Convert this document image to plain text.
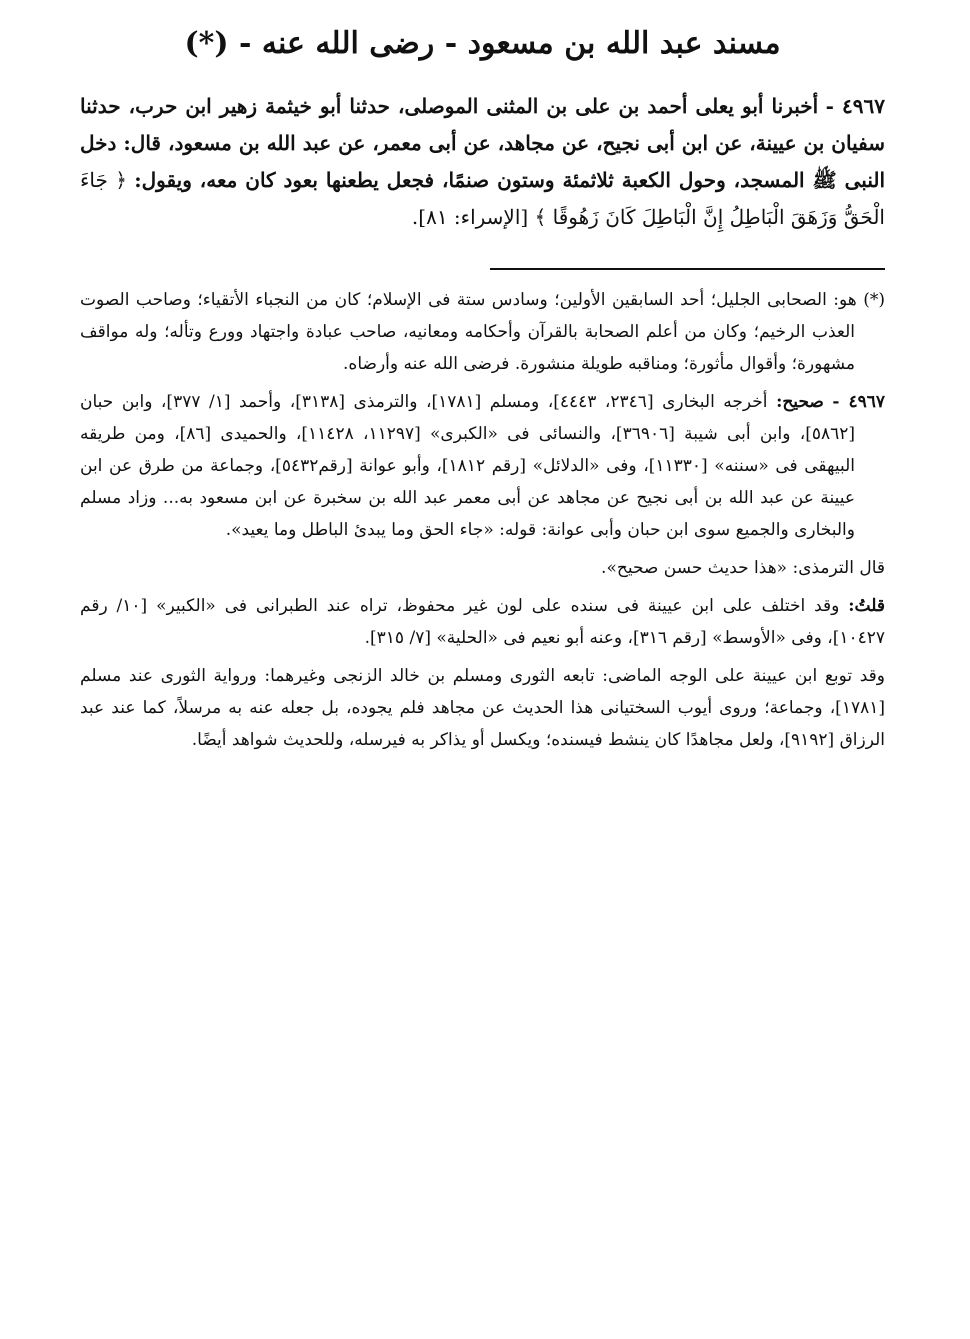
مسند عبد الله بن مسعود - رضى الله عنه - (*)

٤٩٦٧ - أخبرنا أبو يعلى أحمد بن على بن المثنى الموصلى، حدثنا أبو خيثمة زهير ابن حرب، حدثنا سفيان بن عيينة، عن ابن أبى نجيح، عن مجاهد، عن أبى معمر، عن عبد الله بن مسعود، قال: دخل النبى ﷺ المسجد، وحول الكعبة ثلاثمئة وستون صنمًا، فجعل يطعنها بعود كان معه، ويقول: ﴿ جَاءَ الْحَقُّ وَزَهَقَ الْبَاطِلُ إِنَّ الْبَاطِلَ كَانَ زَهُوقًا ﴾ [الإسراء: ٨١].

(*) هو: الصحابى الجليل؛ أحد السابقين الأولين؛ وسادس ستة فى الإسلام؛ كان من النجباء الأتقياء؛ وصاحب الصوت العذب الرخيم؛ وكان من أعلم الصحابة بالقرآن وأحكامه ومعانيه، صاحب عبادة واجتهاد وورع وتأله؛ وله مواقف مشهورة؛ وأقوال مأثورة؛ ومناقبه طويلة منشورة. فرضى الله عنه وأرضاه.

٤٩٦٧ - صحيح: أخرجه البخارى [٢٣٤٦، ٤٤٤٣]، ومسلم [١٧٨١]، والترمذى [٣١٣٨]، وأحمد [١/ ٣٧٧]، وابن حبان [٥٨٦٢]، وابن أبى شيبة [٣٦٩٠٦]، والنسائى فى «الكبرى» [١١٢٩٧، ١١٤٢٨]، والحميدى [٨٦]، ومن طريقه البيهقى فى «سننه» [١١٣٣٠]، وفى «الدلائل» [رقم ١٨١٢]، وأبو عوانة [رقم٥٤٣٢]، وجماعة من طرق عن ابن عيينة عن عبد الله بن أبى نجيح عن مجاهد عن أبى معمر عبد الله بن سخبرة عن ابن مسعود به... وزاد مسلم والبخارى والجميع سوى ابن حبان وأبى عوانة: قوله: «جاء الحق وما يبدئ الباطل وما يعيد».

قال الترمذى: «هذا حديث حسن صحيح».

قلتُ: وقد اختلف على ابن عيينة فى سنده على لون غير محفوظ، تراه عند الطبرانى فى «الكبير» [١٠/ رقم ١٠٤٢٧]، وفى «الأوسط» [رقم ٣١٦]، وعنه أبو نعيم فى «الحلية» [٧/ ٣١٥].

وقد توبع ابن عيينة على الوجه الماضى: تابعه الثورى ومسلم بن خالد الزنجى وغيرهما: ورواية الثورى عند مسلم [١٧٨١]، وجماعة؛ وروى أيوب السختيانى هذا الحديث عن مجاهد فلم يجوده، بل جعله عنه به مرسلاً، كما عند عبد الرزاق [٩١٩٢]، ولعل مجاهدًا كان ينشط فيسنده؛ ويكسل أو يذاكر به فيرسله، وللحديث شواهد أيضًا.
